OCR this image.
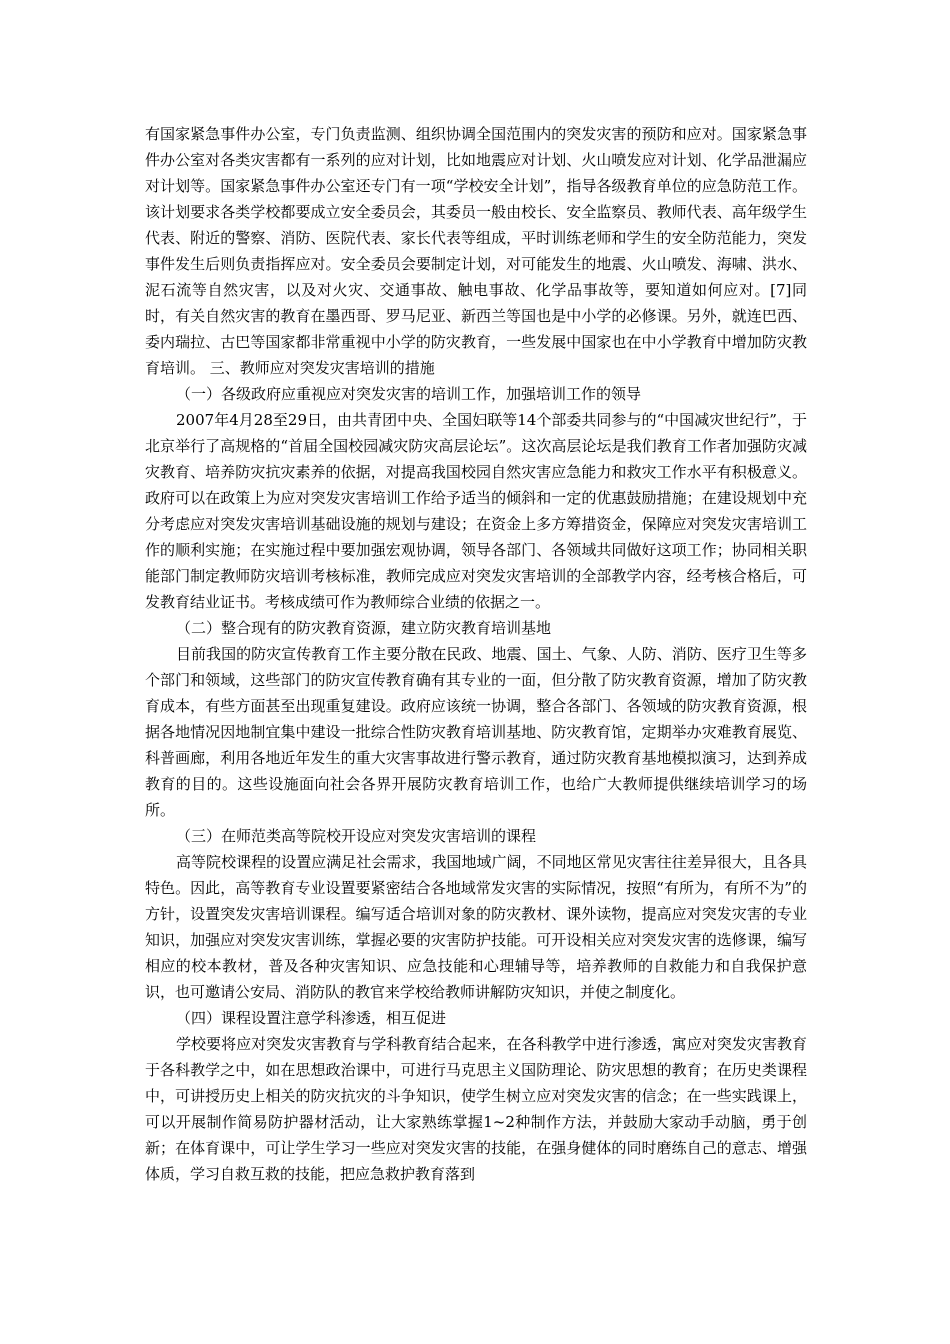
有国家紧急事件办公室，专门负责监测、组织协调全国范围内的突发灾害的预防和应对。国家紧急事件办公室对各类灾害都有一系列的应对计划，比如地震应对计划、火山喷发应对计划、化学品泄漏应对计划等。国家紧急事件办公室还专门有一项“学校安全计划”，指导各级教育单位的应急防范工作。该计划要求各类学校都要成立安全委员会，其委员一般由校长、安全监察员、教师代表、高年级学生代表、附近的警察、消防、医院代表、家长代表等组成，平时训练老师和学生的安全防范能力，突发事件发生后则负责指挥应对。安全委员会要制定计划，对可能发生的地震、火山喷发、海啸、洪水、泥石流等自然灾害，以及对火灾、交通事故、触电事故、化学品事故等，要知道如何应对。[7]同时，有关自然灾害的教育在墨西哥、罗马尼亚、新西兰等国也是中小学的必修课。另外，就连巴西、委内瑞拉、古巴等国家都非常重视中小学的防灾教育，一些发展中国家也在中小学教育中增加防灾教育培训。 三、教师应对突发灾害培训的措施

（一）各级政府应重视应对突发灾害的培训工作，加强培训工作的领导

2007年4月28至29日，由共青团中央、全国妇联等14个部委共同参与的“中国减灾世纪行”，于北京举行了高规格的“首届全国校园减灾防灾高层论坛”。这次高层论坛是我们教育工作者加强防灾减灾教育、培养防灾抗灾素养的依据，对提高我国校园自然灾害应急能力和救灾工作水平有积极意义。政府可以在政策上为应对突发灾害培训工作给予适当的倾斜和一定的优惠鼓励措施；在建设规划中充分考虑应对突发灾害培训基础设施的规划与建设；在资金上多方筹措资金，保障应对突发灾害培训工作的顺利实施；在实施过程中要加强宏观协调，领导各部门、各领域共同做好这项工作；协同相关职能部门制定教师防灾培训考核标准，教师完成应对突发灾害培训的全部教学内容，经考核合格后，可发教育结业证书。考核成绩可作为教师综合业绩的依据之一。

（二）整合现有的防灾教育资源，建立防灾教育培训基地

目前我国的防灾宣传教育工作主要分散在民政、地震、国土、气象、人防、消防、医疗卫生等多个部门和领域，这些部门的防灾宣传教育确有其专业的一面，但分散了防灾教育资源，增加了防灾教育成本，有些方面甚至出现重复建设。政府应该统一协调，整合各部门、各领域的防灾教育资源，根据各地情况因地制宜集中建设一批综合性防灾教育培训基地、防灾教育馆，定期举办灾难教育展览、科普画廊，利用各地近年发生的重大灾害事故进行警示教育，通过防灾教育基地模拟演习，达到养成教育的目的。这些设施面向社会各界开展防灾教育培训工作，也给广大教师提供继续培训学习的场所。

（三）在师范类高等院校开设应对突发灾害培训的课程

高等院校课程的设置应满足社会需求，我国地域广阔，不同地区常见灾害往往差异很大，且各具特色。因此，高等教育专业设置要紧密结合各地域常发灾害的实际情况，按照“有所为，有所不为”的方针，设置突发灾害培训课程。编写适合培训对象的防灾教材、课外读物，提高应对突发灾害的专业知识，加强应对突发灾害训练，掌握必要的灾害防护技能。可开设相关应对突发灾害的选修课，编写相应的校本教材，普及各种灾害知识、应急技能和心理辅导等，培养教师的自救能力和自我保护意识，也可邀请公安局、消防队的教官来学校给教师讲解防灾知识，并使之制度化。

（四）课程设置注意学科渗透，相互促进

学校要将应对突发灾害教育与学科教育结合起来，在各科教学中进行渗透，寓应对突发灾害教育于各科教学之中，如在思想政治课中，可进行马克思主义国防理论、防灾思想的教育；在历史类课程中，可讲授历史上相关的防灾抗灾的斗争知识，使学生树立应对突发灾害的信念；在一些实践课上，可以开展制作简易防护器材活动，让大家熟练掌握1~2种制作方法，并鼓励大家动手动脑，勇于创新；在体育课中，可让学生学习一些应对突发灾害的技能，在强身健体的同时磨练自己的意志、增强体质，学习自救互救的技能，把应急救护教育落到
